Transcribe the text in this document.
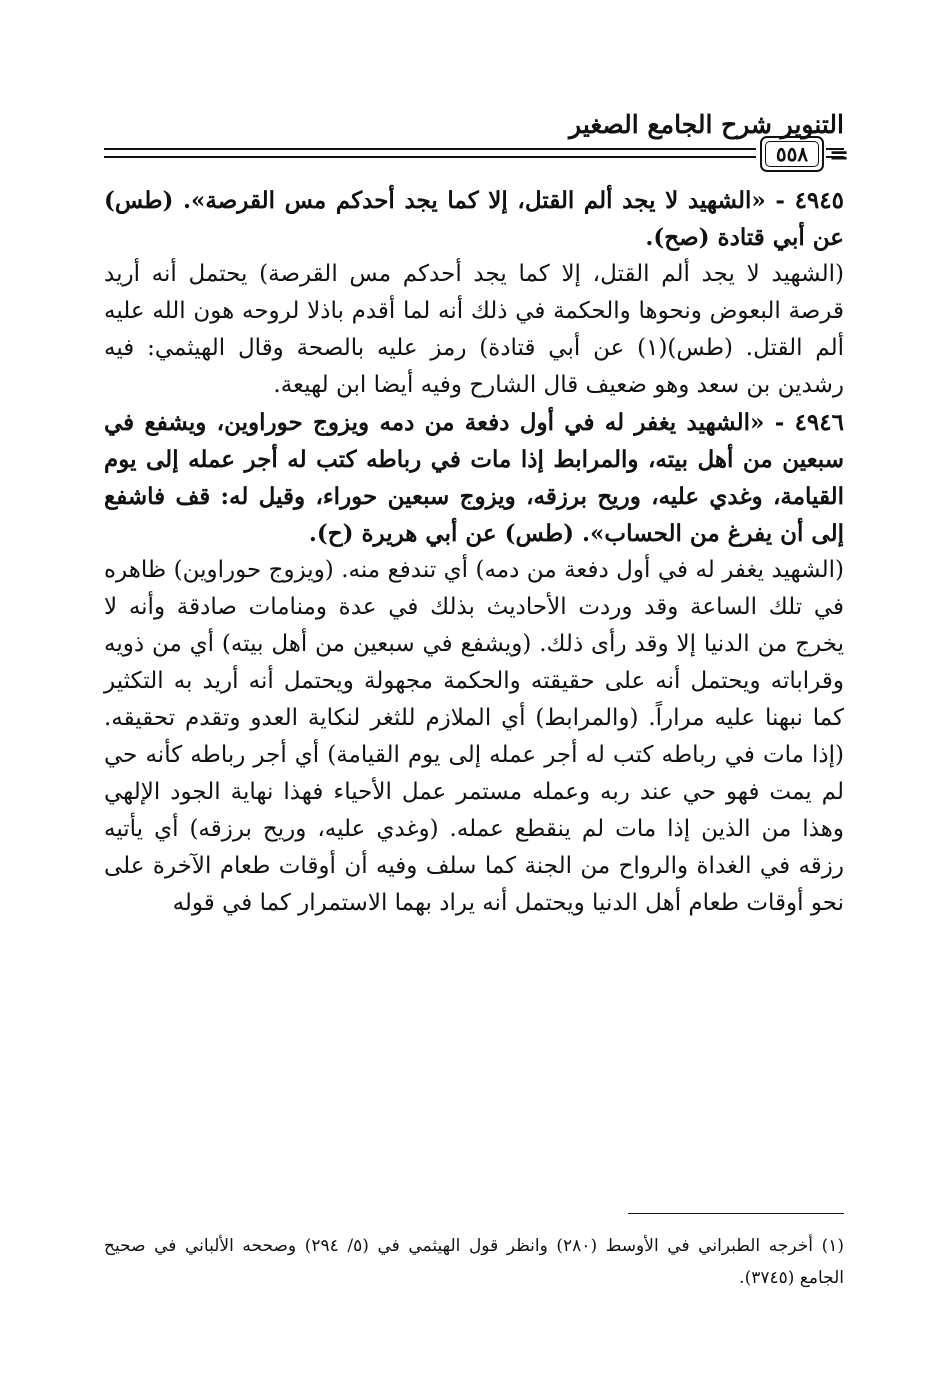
التنوير شرح الجامع الصغير
٥٥٨ =

٤٩٤٥ - «الشهيد لا يجد ألم القتل، إلا كما يجد أحدكم مس القرصة». (طس) عن أبي قتادة (صح).

(الشهيد لا يجد ألم القتل، إلا كما يجد أحدكم مس القرصة) يحتمل أنه أريد قرصة البعوض ونحوها والحكمة في ذلك أنه لما أقدم باذلا لروحه هون الله عليه ألم القتل. (طس)(١) عن أبي قتادة) رمز عليه بالصحة وقال الهيثمي: فيه رشدين بن سعد وهو ضعيف قال الشارح وفيه أيضا ابن لهيعة.

٤٩٤٦ - «الشهيد يغفر له في أول دفعة من دمه ويزوج حوراوين، ويشفع في سبعين من أهل بيته، والمرابط إذا مات في رباطه كتب له أجر عمله إلى يوم القيامة، وغدي عليه، وريح برزقه، ويزوج سبعين حوراء، وقيل له: قف فاشفع إلى أن يفرغ من الحساب». (طس) عن أبي هريرة (ح).

(الشهيد يغفر له في أول دفعة من دمه) أي تندفع منه. (ويزوج حوراوين) ظاهره في تلك الساعة وقد وردت الأحاديث بذلك في عدة ومنامات صادقة وأنه لا يخرج من الدنيا إلا وقد رأى ذلك. (ويشفع في سبعين من أهل بيته) أي من ذويه وقراباته ويحتمل أنه على حقيقته والحكمة مجهولة ويحتمل أنه أريد به التكثير كما نبهنا عليه مراراً. (والمرابط) أي الملازم للثغر لنكاية العدو وتقدم تحقيقه. (إذا مات في رباطه كتب له أجر عمله إلى يوم القيامة) أي أجر رباطه كأنه حي لم يمت فهو حي عند ربه وعمله مستمر عمل الأحياء فهذا نهاية الجود الإلهي وهذا من الذين إذا مات لم ينقطع عمله. (وغدي عليه، وريح برزقه) أي يأتيه رزقه في الغداة والرواح من الجنة كما سلف وفيه أن أوقات طعام الآخرة على نحو أوقات طعام أهل الدنيا ويحتمل أنه يراد بهما الاستمرار كما في قوله

(١) أخرجه الطبراني في الأوسط (٢٨٠) وانظر قول الهيثمي في (٥/ ٢٩٤) وصححه الألباني في صحيح الجامع (٣٧٤٥).
